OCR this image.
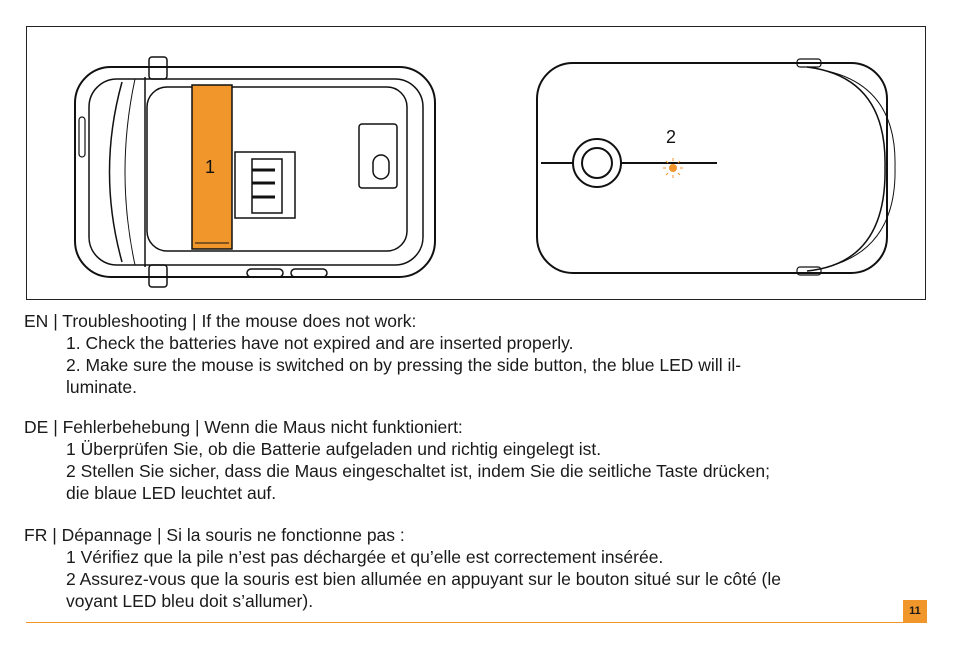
1
2
EN | Troubleshooting | If the mouse does not work:
1. Check the batteries have not expired and are inserted properly.
2. Make sure the mouse is switched on by pressing the side button, the blue LED will il-
luminate.
DE | Fehlerbehebung | Wenn die Maus nicht funktioniert:
1 Überprüfen Sie, ob die Batterie aufgeladen und richtig eingelegt ist.
2 Stellen Sie sicher, dass die Maus eingeschaltet ist, indem Sie die seitliche Taste drücken;
die blaue LED leuchtet auf.
FR | Dépannage | Si la souris ne fonctionne pas :
1 Vérifiez que la pile n’est pas déchargée et qu’elle est correctement insérée.
2 Assurez-vous que la souris est bien allumée en appuyant sur le bouton situé sur le côté (le
voyant LED bleu doit s’allumer).	11
